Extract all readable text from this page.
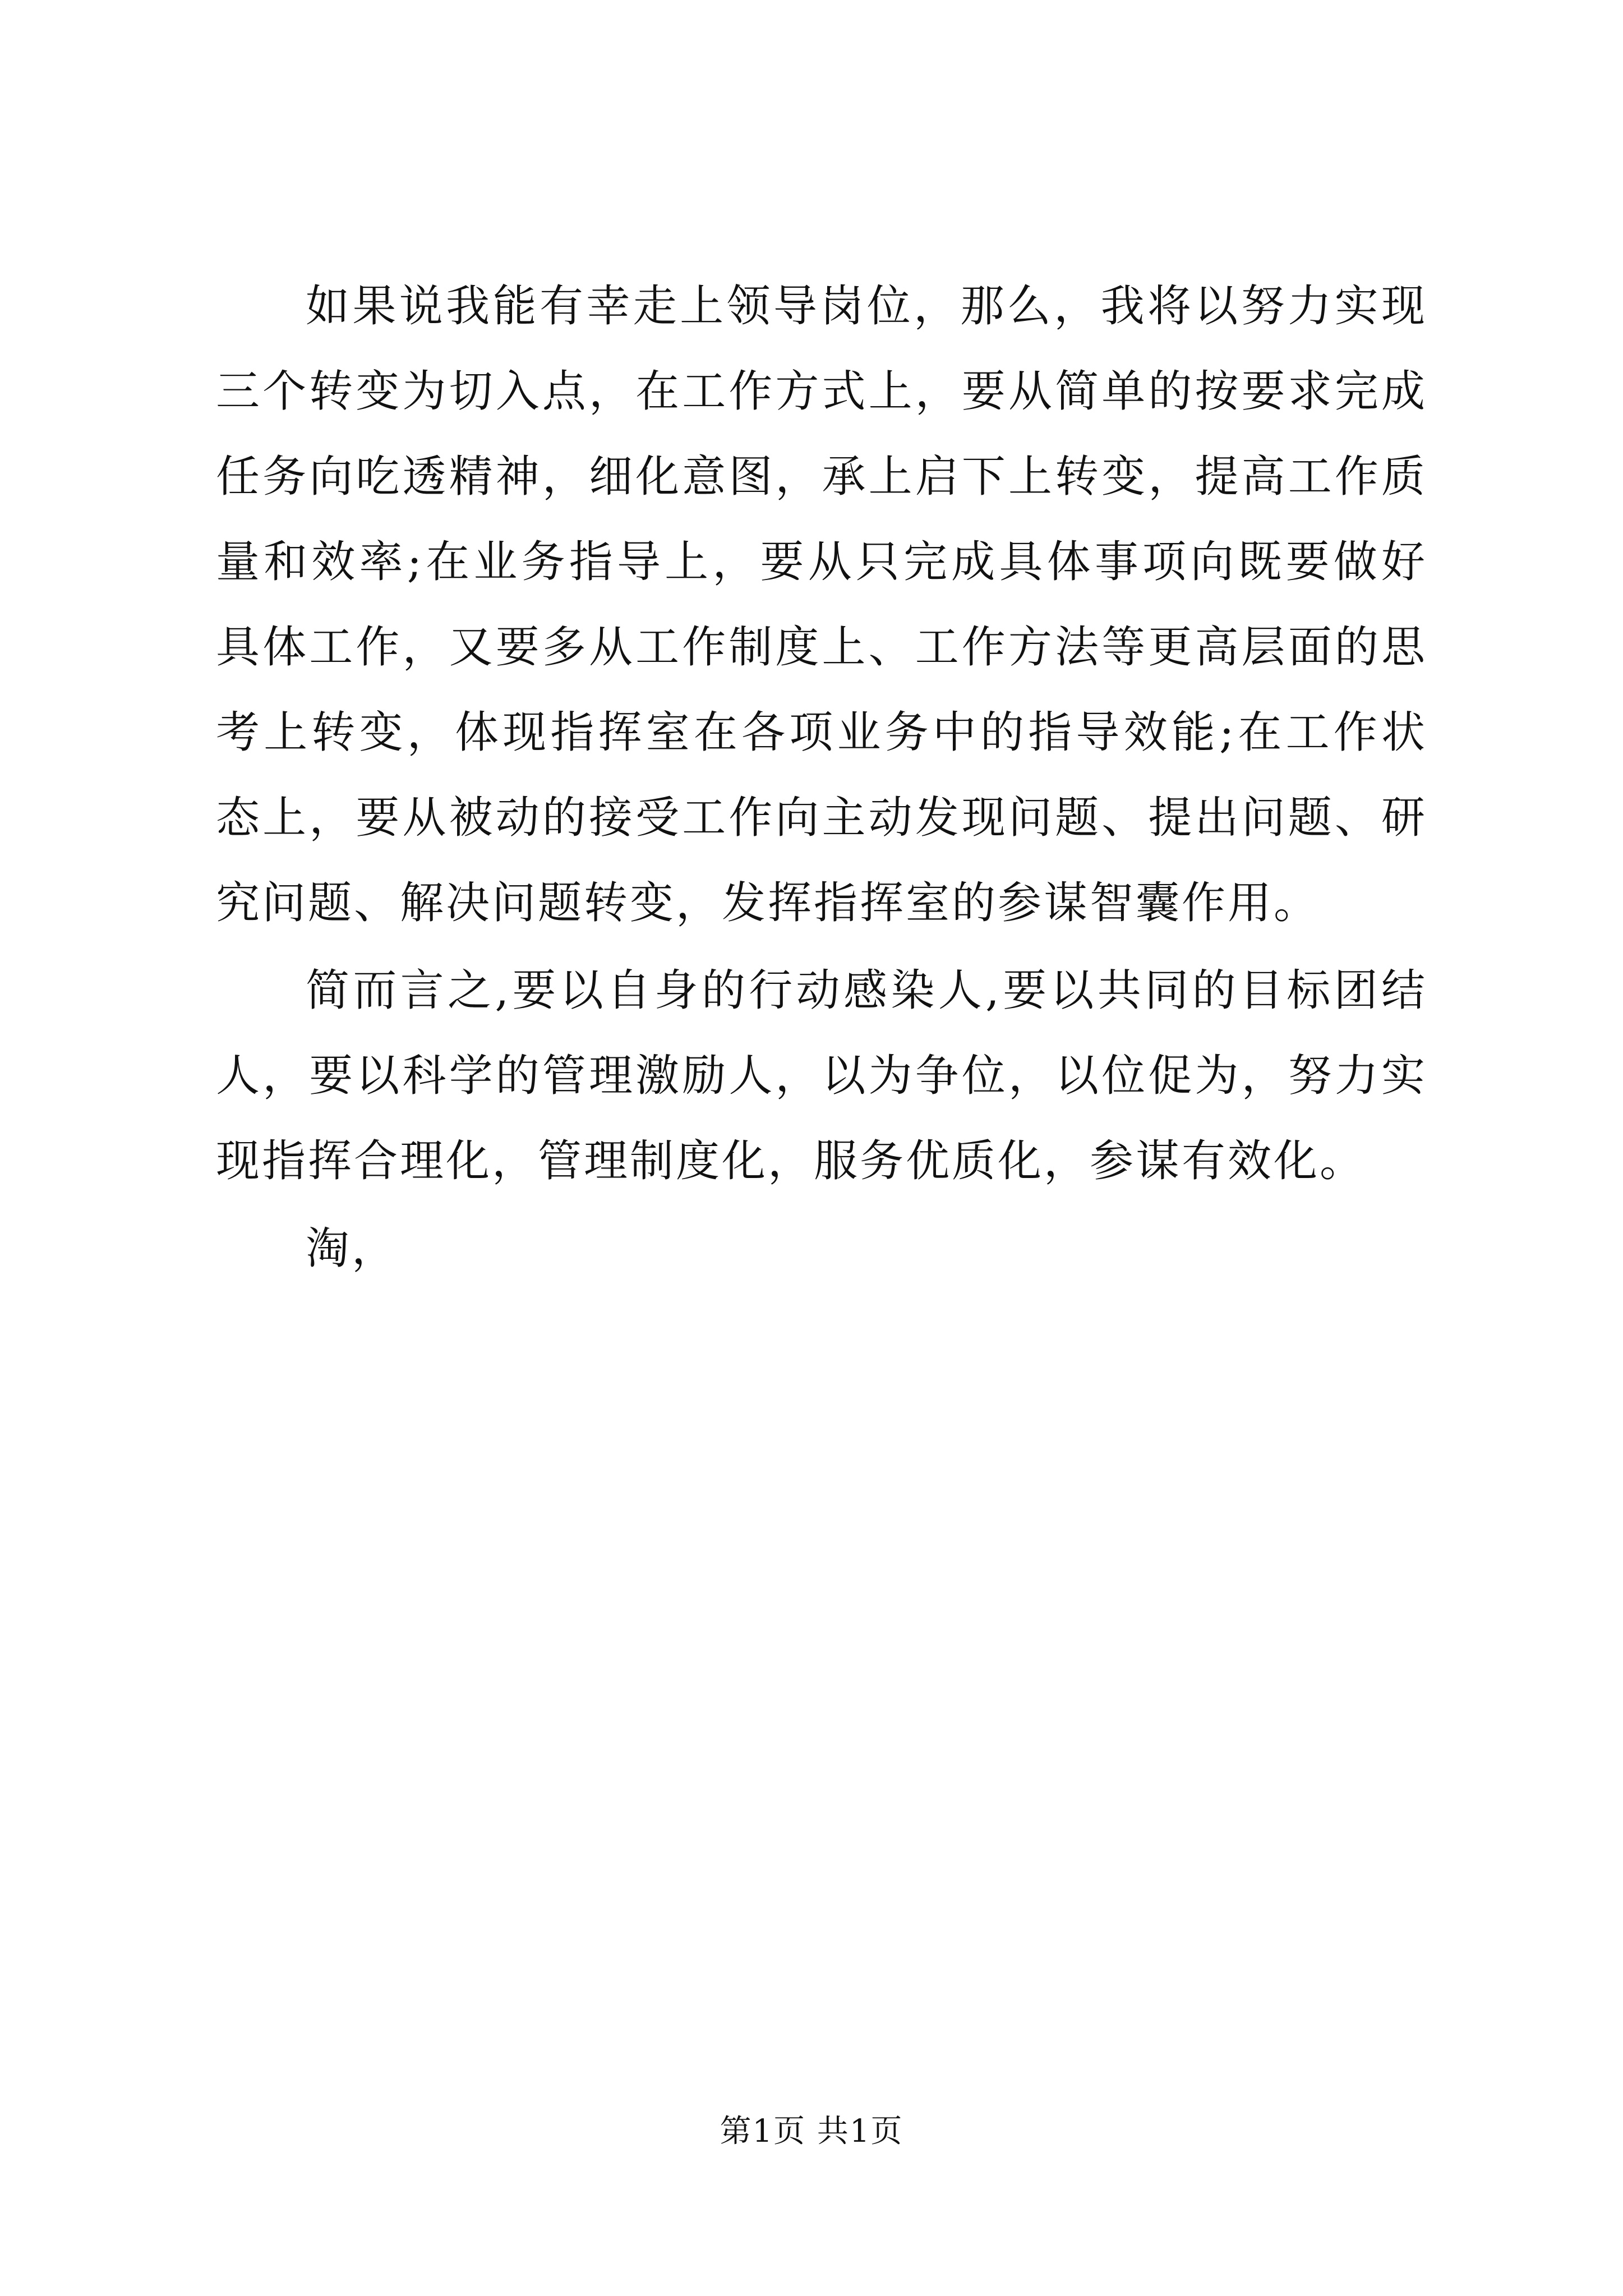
如果说我能有幸走上领导岗位，那么，我将以努力实现三个转变为切入点，在工作方式上，要从简单的按要求完成任务向吃透精神，细化意图，承上启下上转变，提高工作质量和效率;在业务指导上，要从只完成具体事项向既要做好具体工作，又要多从工作制度上、工作方法等更高层面的思考上转变，体现指挥室在各项业务中的指导效能;在工作状态上，要从被动的接受工作向主动发现问题、提出问题、研究问题、解决问题转变，发挥指挥室的参谋智囊作用。

简而言之,要以自身的行动感染人,要以共同的目标团结人，要以科学的管理激励人，以为争位，以位促为，努力实现指挥合理化，管理制度化，服务优质化，参谋有效化。

淘，

第1页 共1页
